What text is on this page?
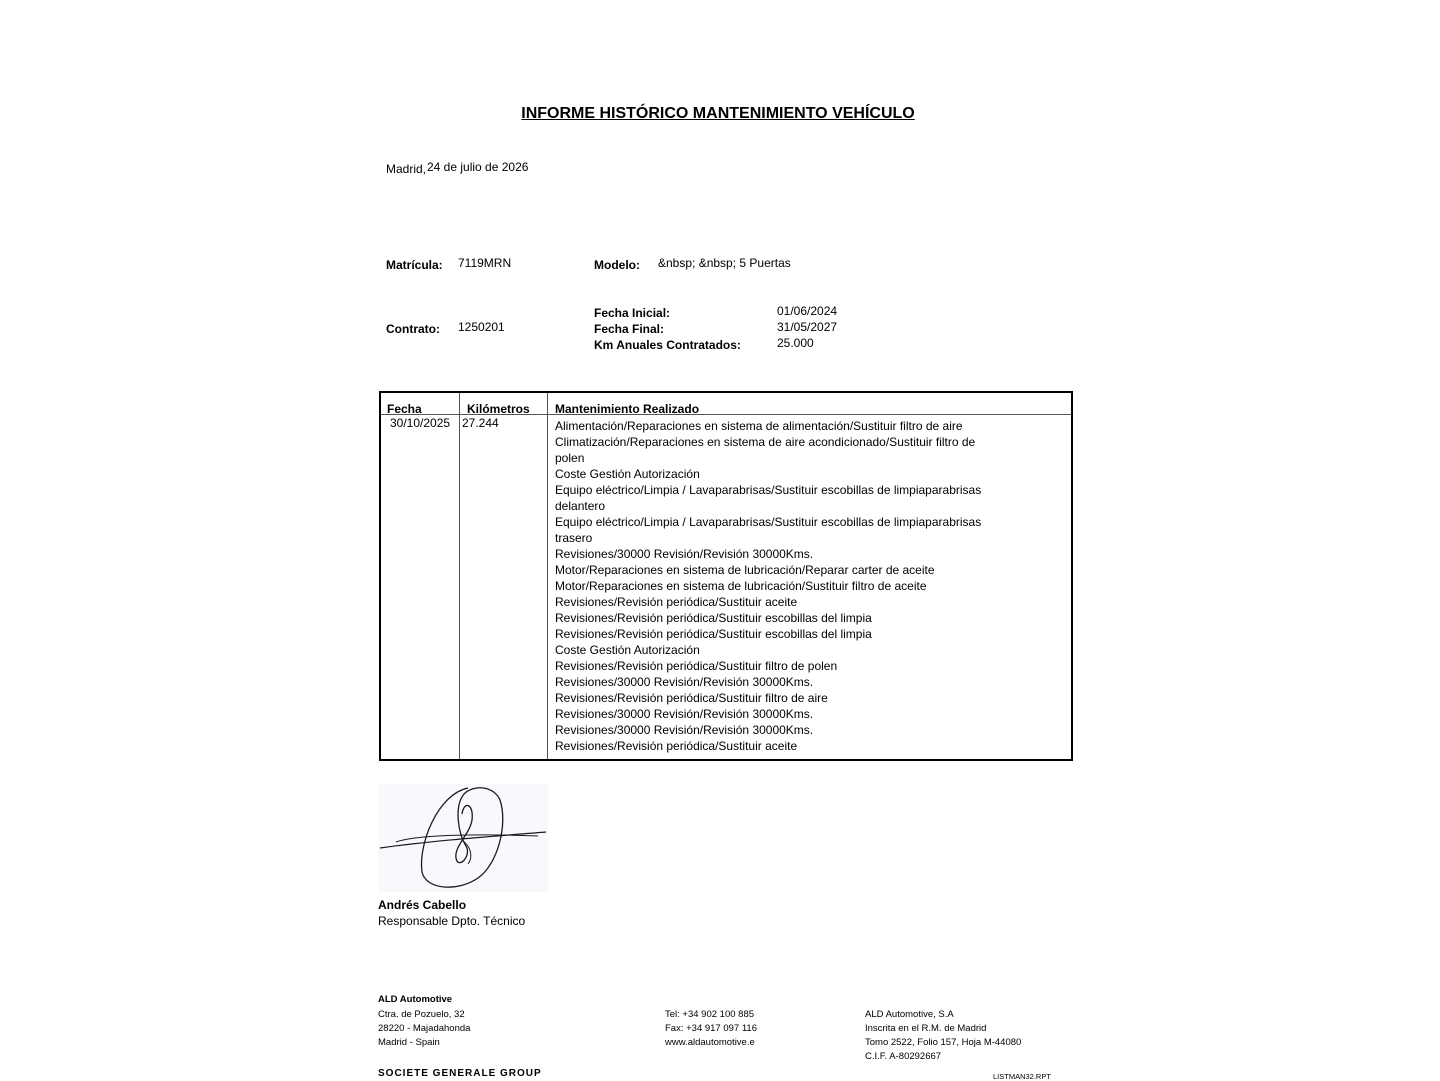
INFORME HISTÓRICO MANTENIMIENTO VEHÍCULO
Madrid, 24 de julio de 2026
Matrícula: 7119MRN	Modelo: &nbsp; &nbsp; 5 Puertas
Contrato: 1250201
Fecha Inicial:	01/06/2024
Fecha Final:	31/05/2027
Km Anuales Contratados:	25.000
Fecha	Kilómetros Mantenimiento Realizado
30/10/2025 27.244	Alimentación/Reparaciones en sistema de alimentación/Sustituir filtro de aire
Climatización/Reparaciones en sistema de aire acondicionado/Sustituir filtro de polen
Coste Gestión Autorización
Equipo eléctrico/Limpia / Lavaparabrisas/Sustituir escobillas de limpiaparabrisas delantero
Equipo eléctrico/Limpia / Lavaparabrisas/Sustituir escobillas de limpiaparabrisas trasero
Revisiones/30000 Revisión/Revisión 30000Kms.
Motor/Reparaciones en sistema de lubricación/Reparar carter de aceite
Motor/Reparaciones en sistema de lubricación/Sustituir filtro de aceite
Revisiones/Revisión periódica/Sustituir aceite
Revisiones/Revisión periódica/Sustituir escobillas del limpia
Revisiones/Revisión periódica/Sustituir escobillas del limpia
Coste Gestión Autorización
Revisiones/Revisión periódica/Sustituir filtro de polen
Revisiones/30000 Revisión/Revisión 30000Kms.
Revisiones/Revisión periódica/Sustituir filtro de aire
Revisiones/30000 Revisión/Revisión 30000Kms.
Revisiones/30000 Revisión/Revisión 30000Kms.
Revisiones/Revisión periódica/Sustituir aceite
Andrés Cabello
Responsable Dpto. Técnico
ALD Automotive
Ctra. de Pozuelo, 32
28220 - Majadahonda
Madrid - Spain
Tel: +34 902 100 885
Fax: +34 917 097 116
www.aldautomotive.e
ALD Automotive, S.A
Inscrita en el R.M. de Madrid
Tomo 2522, Folio 157, Hoja M-44080
C.I.F. A-80292667
SOCIETE GENERALE GROUP	LISTMAN32.RPT
